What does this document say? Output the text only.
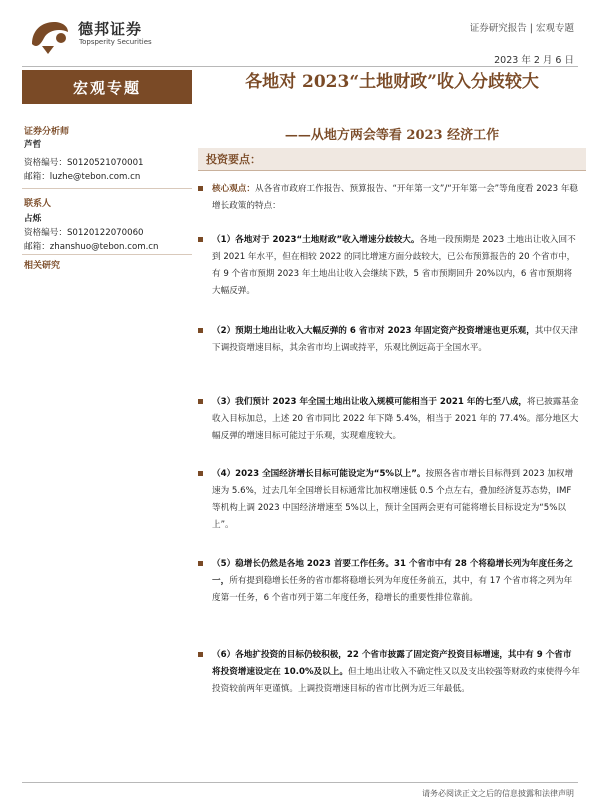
德邦证券
Topsperity Securities
证券研究报告 | 宏观专题
2023 年 2 月 6 日
宏观专题
证券分析师
芦哲
资格编号：S0120521070001
邮箱：luzhe@tebon.com.cn
联系人
占烁
资格编号：S0120122070060
邮箱：zhanshuo@tebon.com.cn
相关研究
各地对 2023“土地财政”收入分歧较大
——从地方两会等看 2023 经济工作
投资要点：
核心观点：从各省市政府工作报告、预算报告、“开年第一文”/“开年第一会”等角度看 2023 年稳增长政策的特点：
（1）各地对于 2023“土地财政”收入增速分歧较大。各地一段预期是 2023 土地出让收入回不到 2021 年水平，但在相较 2022 的同比增速方面分歧较大，已公布预算报告的 20 个省市中，有 9 个省市预期 2023 年土地出让收入会继续下跌，5 省市预期回升 20%以内，6 省市预期将大幅反弹。
（2）预期土地出让收入大幅反弹的 6 省市对 2023 年固定资产投资增速也更乐观，其中仅天津下调投资增速目标，其余省市均上调或持平，乐观比例远高于全国水平。
（3）我们预计 2023 年全国土地出让收入规模可能相当于 2021 年的七至八成，将已披露基金收入目标加总，上述 20 省市同比 2022 年下降 5.4%，相当于 2021 年的 77.4%。部分地区大幅反弹的增速目标可能过于乐观，实现难度较大。
（4）2023 全国经济增长目标可能设定为“5%以上”。按照各省市增长目标得到 2023 加权增速为 5.6%，过去几年全国增长目标通常比加权增速低 0.5 个点左右，叠加经济复苏态势，IMF 等机构上调 2023 中国经济增速至 5%以上，预计全国两会更有可能将增长目标设定为“5%以上”。
（5）稳增长仍然是各地 2023 首要工作任务。31 个省市中有 28 个将稳增长列为年度任务之一，所有提到稳增长任务的省市都将稳增长列为年度任务前五，其中，有 17 个省市将之列为年度第一任务，6 个省市列于第二年度任务，稳增长的重要性排位靠前。
（6）各地扩投资的目标仍较积极，22 个省市披露了固定资产投资目标增速，其中有 9 个省市将投资增速设定在 10.0%及以上。但土地出让收入不确定性又以及支出较强等财政约束使得今年投资较前两年更谨慎。上调投资增速目标的省市比例为近三年最低。
请务必阅读正文之后的信息披露和法律声明
